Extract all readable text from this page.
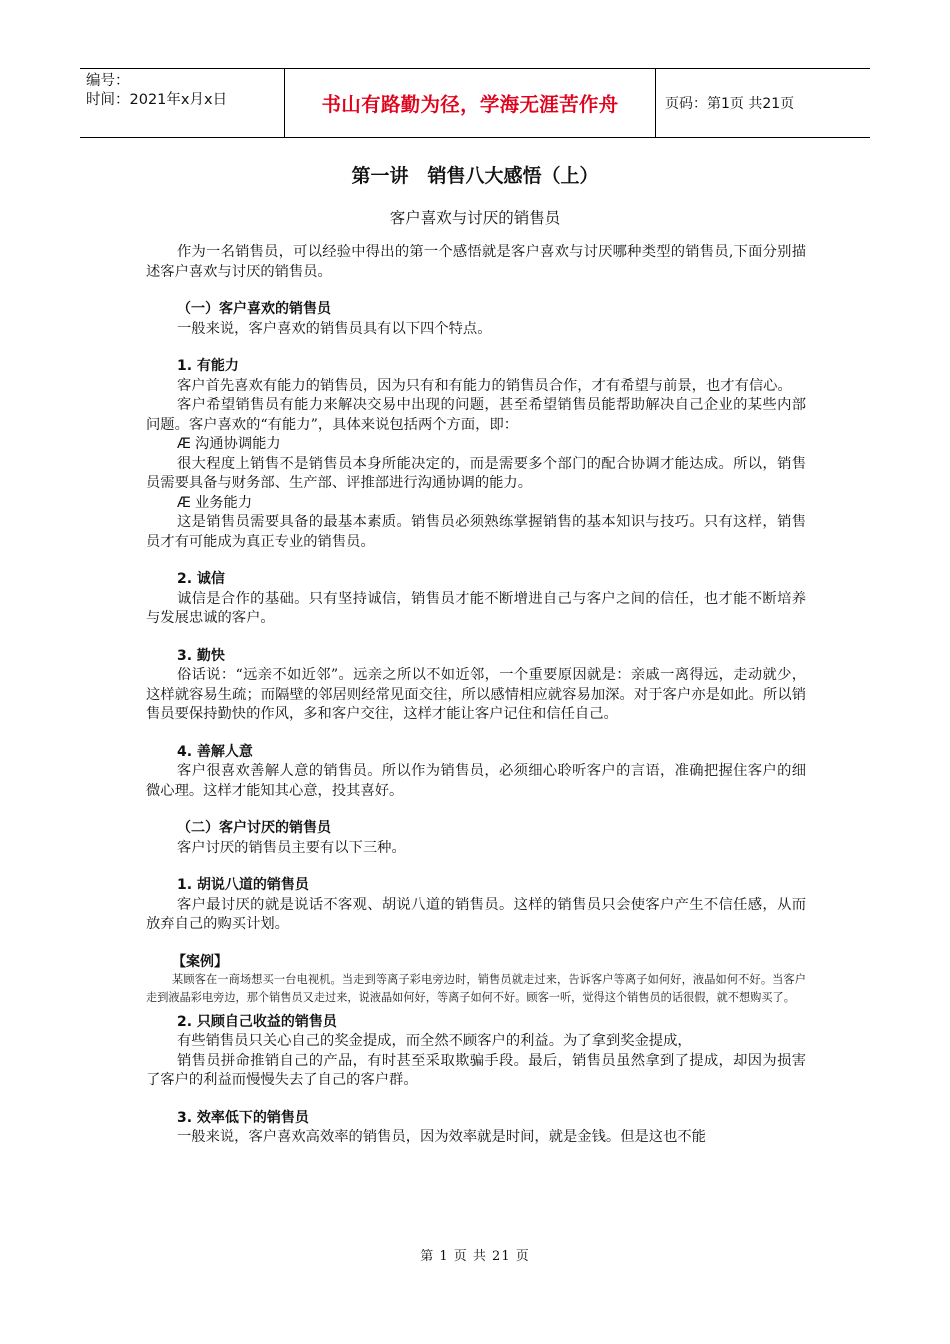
编号：
时间：2021年x月x日	书山有路勤为径，学海无涯苦作舟	页码：第1页 共21页
第一讲　销售八大感悟（上）
客户喜欢与讨厌的销售员

作为一名销售员，可以经验中得出的第一个感悟就是客户喜欢与讨厌哪种类型的销售员,下面分别描述客户喜欢与讨厌的销售员。

（一）客户喜欢的销售员

一般来说，客户喜欢的销售员具有以下四个特点。

1. 有能力

客户首先喜欢有能力的销售员，因为只有和有能力的销售员合作，才有希望与前景，也才有信心。

客户希望销售员有能力来解决交易中出现的问题，甚至希望销售员能帮助解决自己企业的某些内部问题。客户喜欢的“有能力”，具体来说包括两个方面，即：

Æ 沟通协调能力

很大程度上销售不是销售员本身所能决定的，而是需要多个部门的配合协调才能达成。所以，销售员需要具备与财务部、生产部、评推部进行沟通协调的能力。

Æ 业务能力

这是销售员需要具备的最基本素质。销售员必须熟练掌握销售的基本知识与技巧。只有这样，销售员才有可能成为真正专业的销售员。

2. 诚信

诚信是合作的基础。只有坚持诚信，销售员才能不断增进自己与客户之间的信任，也才能不断培养与发展忠诚的客户。

3. 勤快

俗话说：“远亲不如近邻”。远亲之所以不如近邻，一个重要原因就是：亲戚一离得远，走动就少，这样就容易生疏；而隔壁的邻居则经常见面交往，所以感情相应就容易加深。对于客户亦是如此。所以销售员要保持勤快的作风，多和客户交往，这样才能让客户记住和信任自己。

4. 善解人意

客户很喜欢善解人意的销售员。所以作为销售员，必须细心聆听客户的言语，准确把握住客户的细微心理。这样才能知其心意，投其喜好。

（二）客户讨厌的销售员

客户讨厌的销售员主要有以下三种。

1. 胡说八道的销售员

客户最讨厌的就是说话不客观、胡说八道的销售员。这样的销售员只会使客户产生不信任感，从而放弃自己的购买计划。

【案例】

某顾客在一商场想买一台电视机。当走到等离子彩电旁边时，销售员就走过来，告诉客户等离子如何好，液晶如何不好。当客户走到液晶彩电旁边，那个销售员又走过来，说液晶如何好，等离子如何不好。顾客一听，觉得这个销售员的话很假，就不想购买了。

2. 只顾自己收益的销售员

有些销售员只关心自己的奖金提成，而全然不顾客户的利益。为了拿到奖金提成，

销售员拼命推销自己的产品，有时甚至采取欺骗手段。最后，销售员虽然拿到了提成，却因为损害了客户的利益而慢慢失去了自己的客户群。

3. 效率低下的销售员

一般来说，客户喜欢高效率的销售员，因为效率就是时间，就是金钱。但是这也不能

第 1 页 共 21 页
